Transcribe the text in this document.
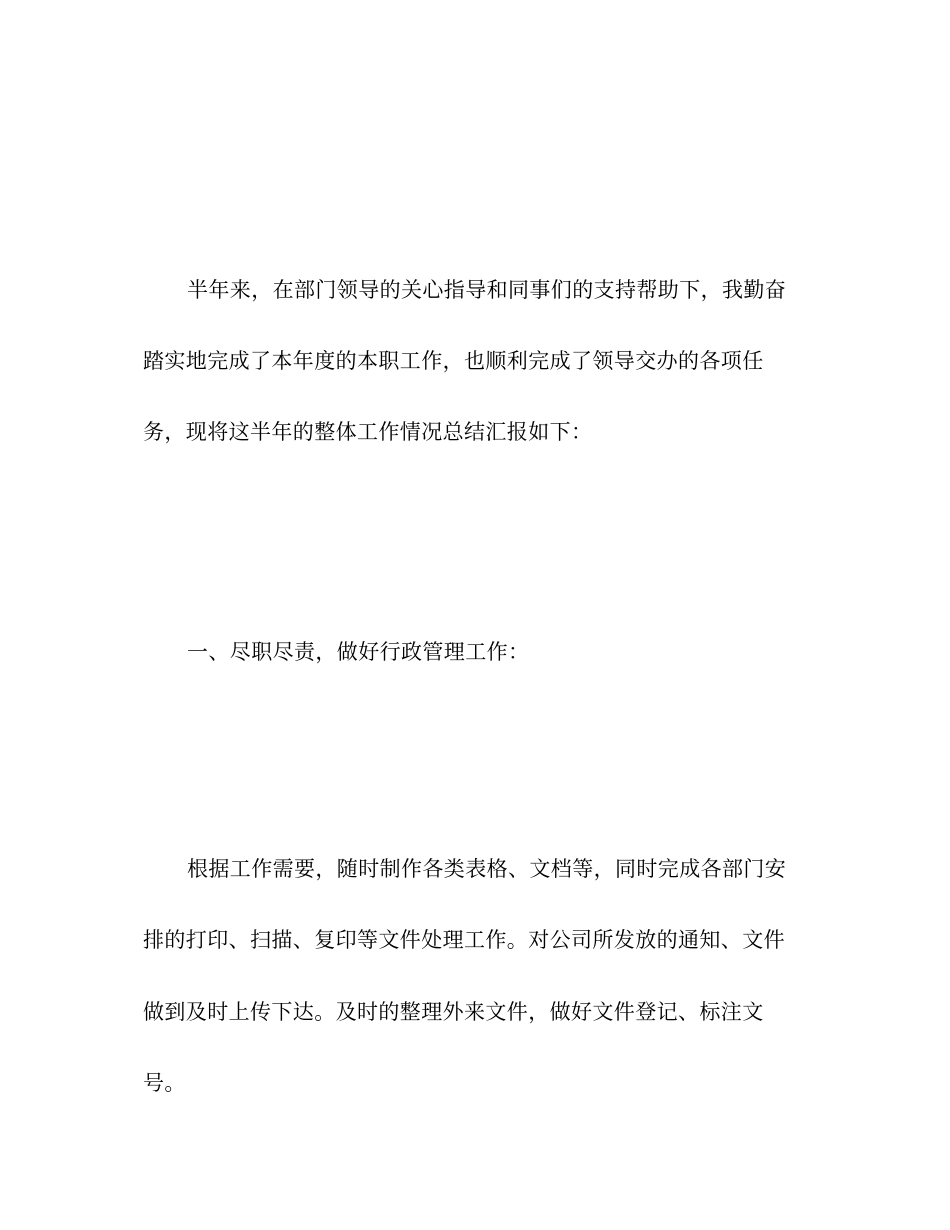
半年来，在部门领导的关心指导和同事们的支持帮助下，我勤奋
踏实地完成了本年度的本职工作，也顺利完成了领导交办的各项任
务，现将这半年的整体工作情况总结汇报如下：
一、尽职尽责，做好行政管理工作：
根据工作需要，随时制作各类表格、文档等，同时完成各部门安
排的打印、扫描、复印等文件处理工作。对公司所发放的通知、文件
做到及时上传下达。及时的整理外来文件，做好文件登记、标注文
号。
